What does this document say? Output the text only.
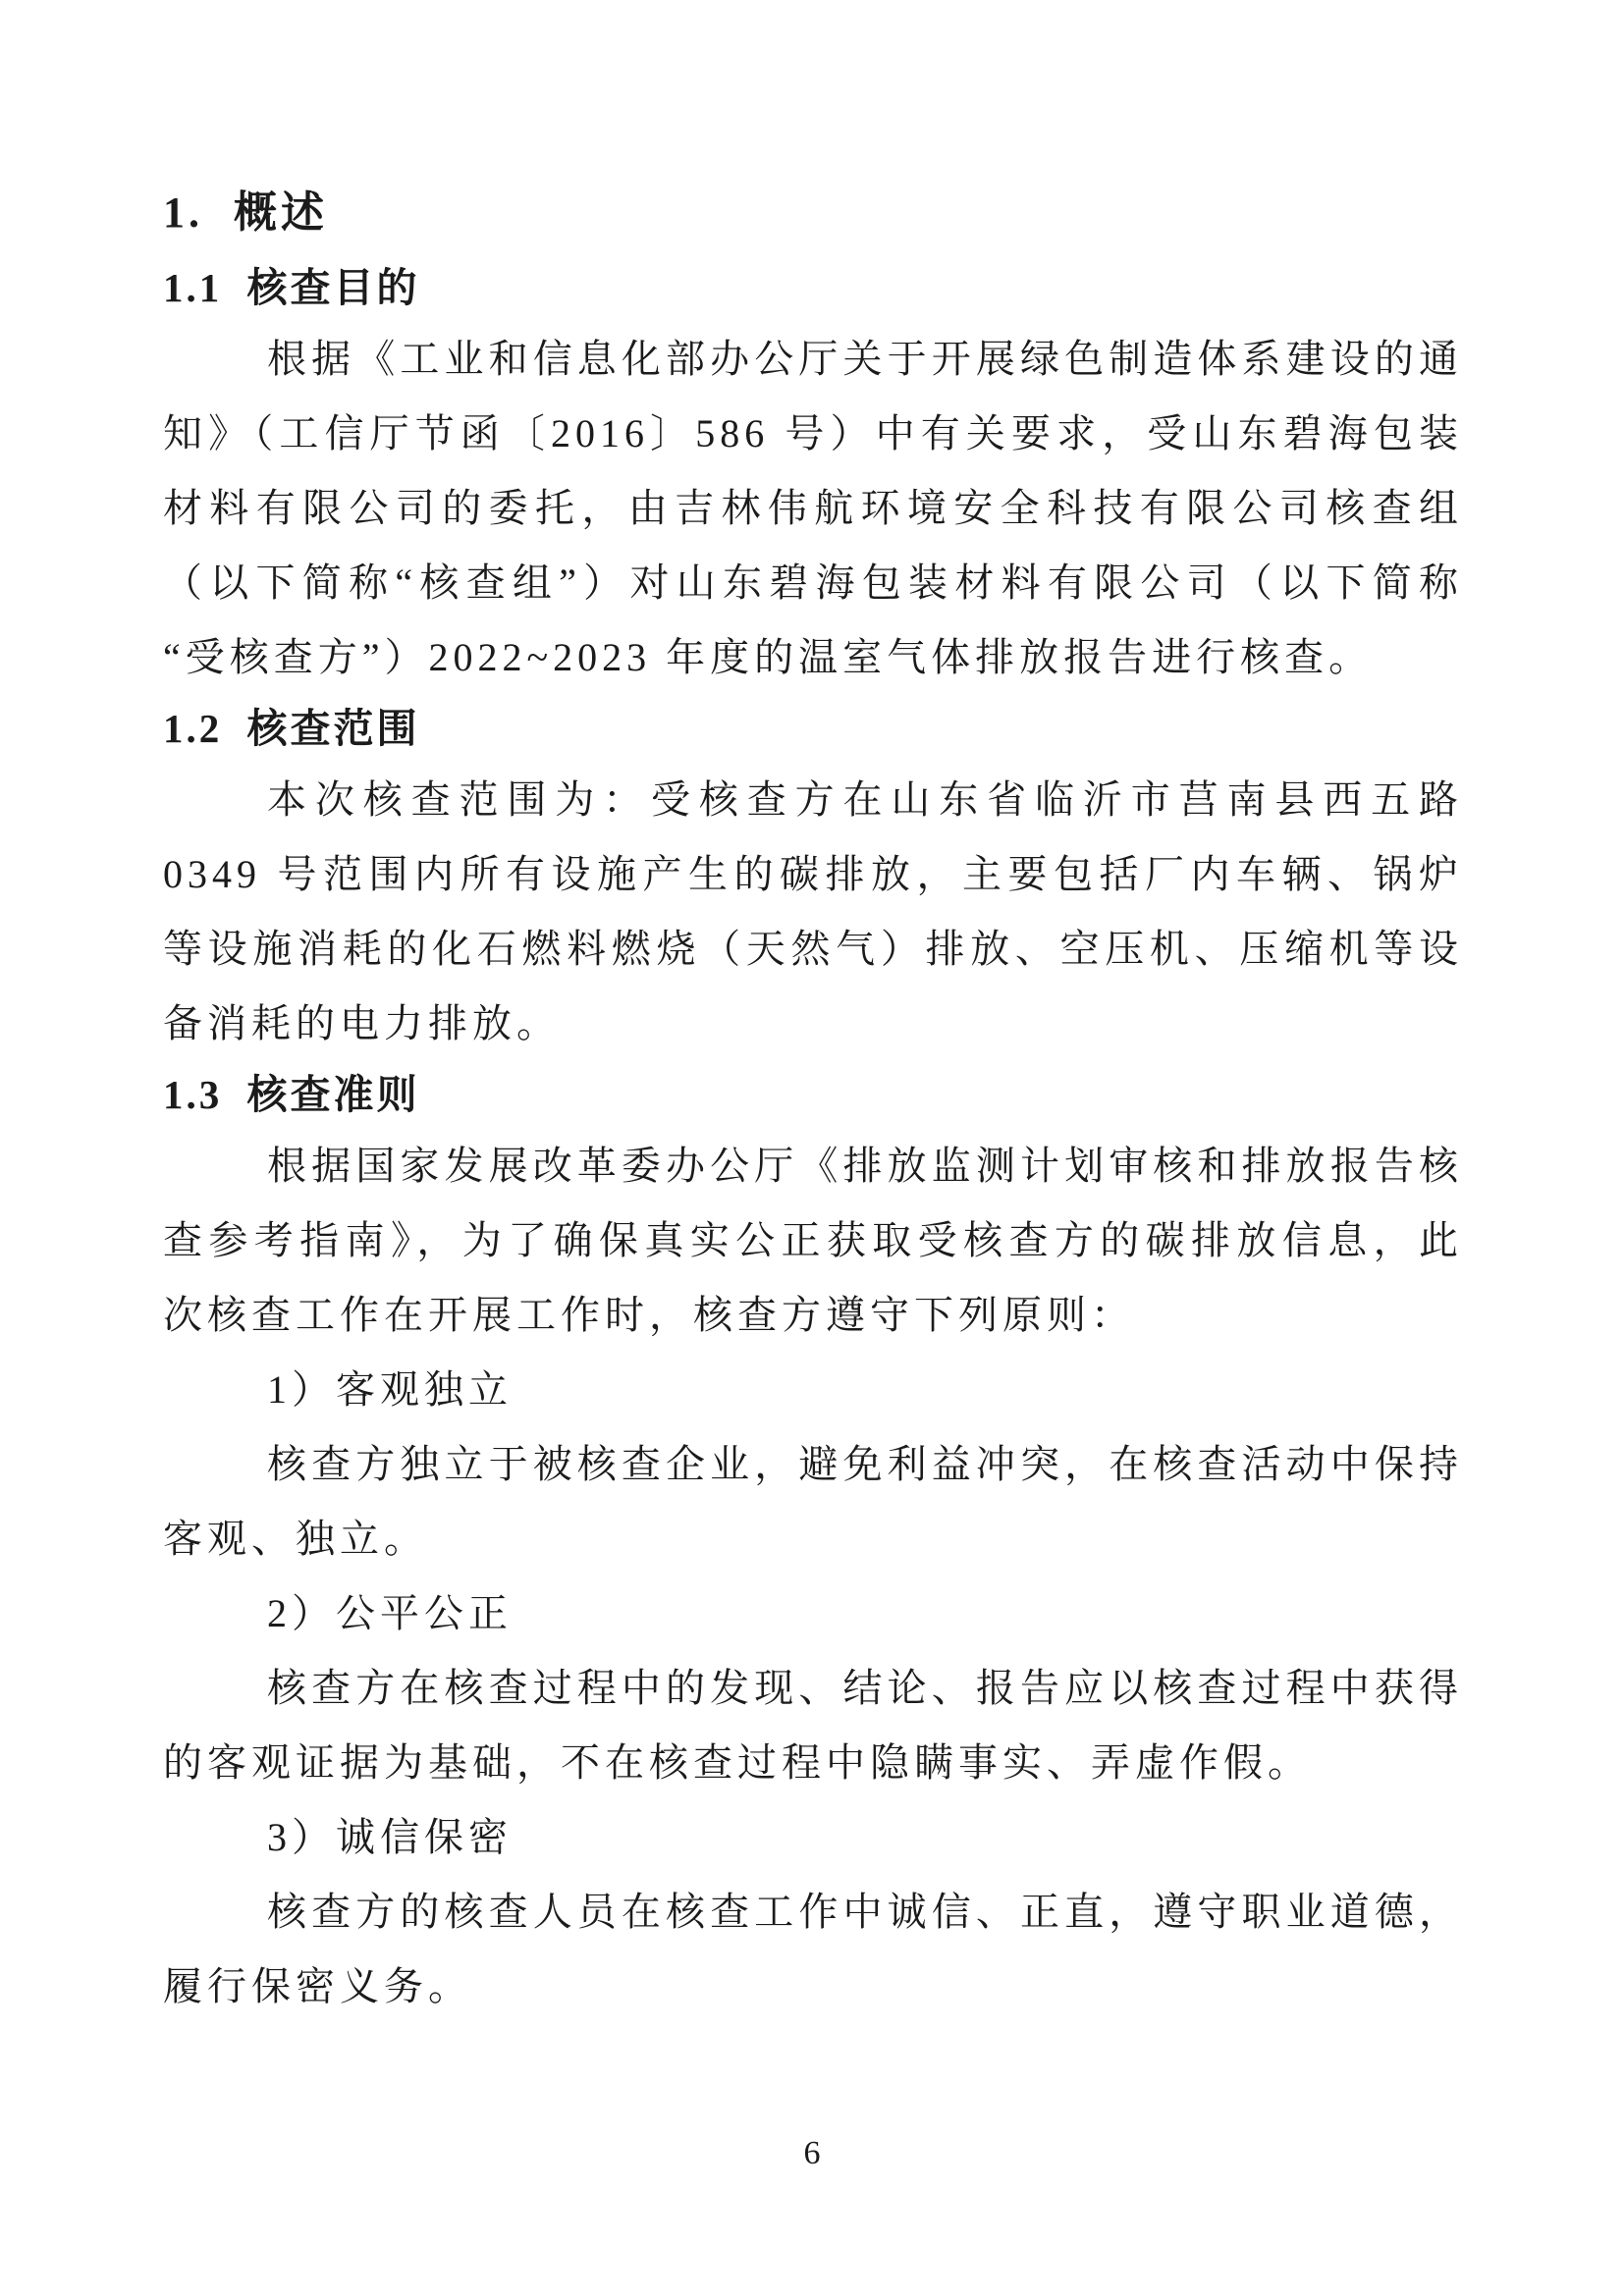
1. 概述
1.1 核查目的

根据《工业和信息化部办公厅关于开展绿色制造体系建设的通知》（工信厅节函〔2016〕586 号）中有关要求，受山东碧海包装材料有限公司的委托，由吉林伟航环境安全科技有限公司核查组（以下简称“核查组”）对山东碧海包装材料有限公司（以下简称“受核查方”）2022~2023 年度的温室气体排放报告进行核查。

1.2 核查范围

本次核查范围为：受核查方在山东省临沂市莒南县西五路 0349 号范围内所有设施产生的碳排放，主要包括厂内车辆、锅炉等设施消耗的化石燃料燃烧（天然气）排放、空压机、压缩机等设备消耗的电力排放。

1.3 核查准则

根据国家发展改革委办公厅《排放监测计划审核和排放报告核查参考指南》，为了确保真实公正获取受核查方的碳排放信息，此次核查工作在开展工作时，核查方遵守下列原则：

1）客观独立

核查方独立于被核查企业，避免利益冲突，在核查活动中保持客观、独立。

2）公平公正

核查方在核查过程中的发现、结论、报告应以核查过程中获得的客观证据为基础，不在核查过程中隐瞒事实、弄虚作假。

3）诚信保密

核查方的核查人员在核查工作中诚信、正直，遵守职业道德，履行保密义务。

6
